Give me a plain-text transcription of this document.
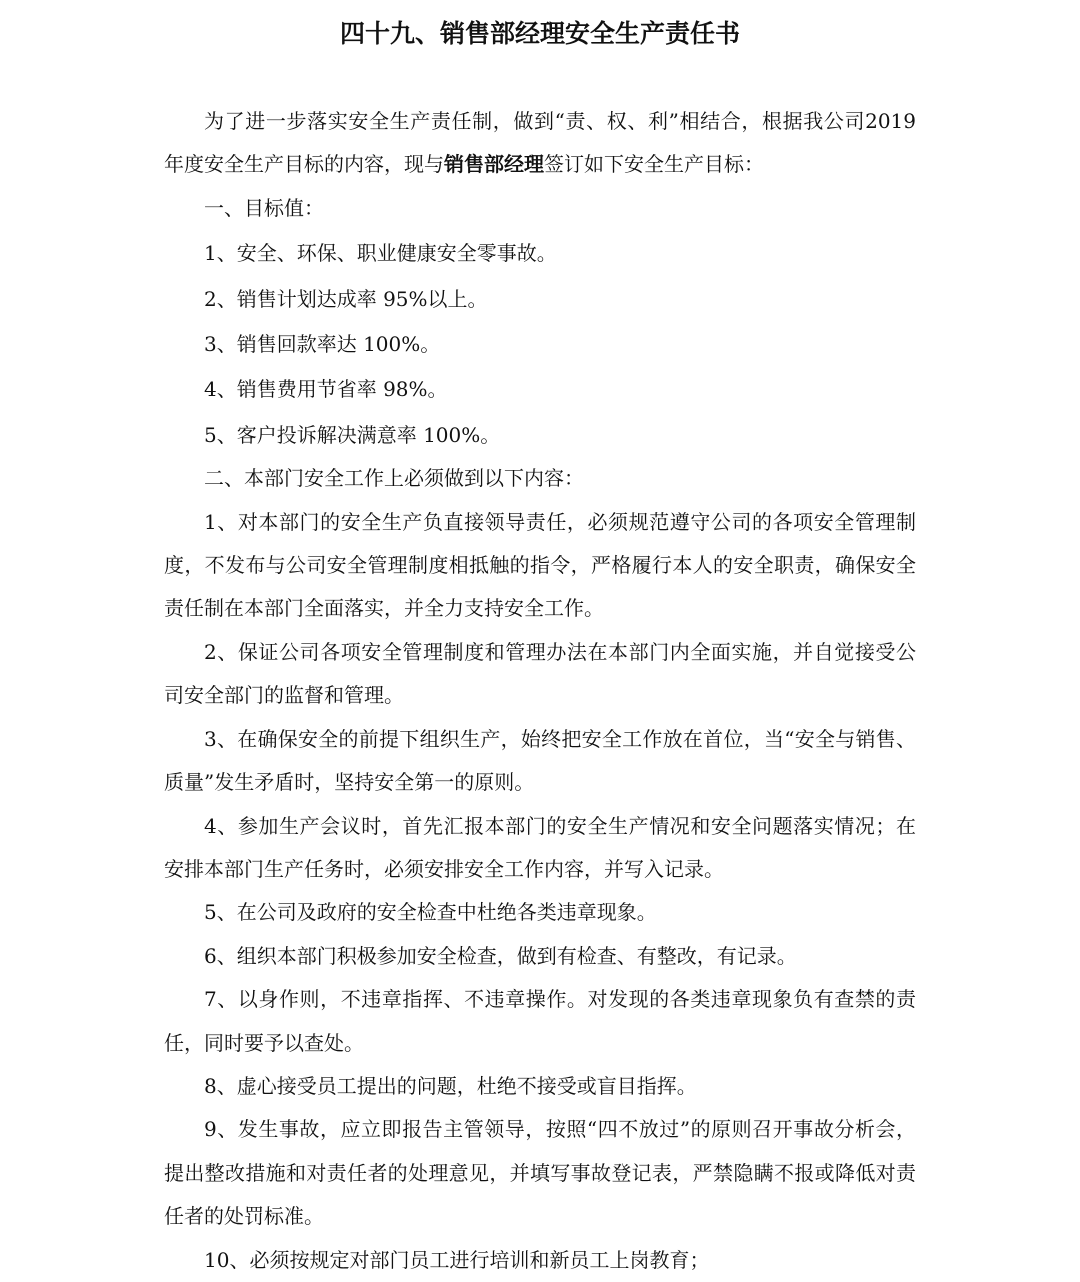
四十九、销售部经理安全生产责任书

为了进一步落实安全生产责任制，做到“责、权、利”相结合，根据我公司2019 年度安全生产目标的内容，现与销售部经理签订如下安全生产目标：

一、目标值：

1、安全、环保、职业健康安全零事故。

2、销售计划达成率 95%以上。

3、销售回款率达 100%。

4、销售费用节省率 98%。

5、客户投诉解决满意率 100%。

二、本部门安全工作上必须做到以下内容：

1、对本部门的安全生产负直接领导责任，必须规范遵守公司的各项安全管理制度，不发布与公司安全管理制度相抵触的指令，严格履行本人的安全职责，确保安全责任制在本部门全面落实，并全力支持安全工作。

2、保证公司各项安全管理制度和管理办法在本部门内全面实施，并自觉接受公司安全部门的监督和管理。

3、在确保安全的前提下组织生产，始终把安全工作放在首位，当“安全与销售、质量”发生矛盾时，坚持安全第一的原则。

4、参加生产会议时，首先汇报本部门的安全生产情况和安全问题落实情况；在安排本部门生产任务时，必须安排安全工作内容，并写入记录。

5、在公司及政府的安全检查中杜绝各类违章现象。

6、组织本部门积极参加安全检查，做到有检查、有整改，有记录。

7、以身作则，不违章指挥、不违章操作。对发现的各类违章现象负有查禁的责任，同时要予以查处。

8、虚心接受员工提出的问题，杜绝不接受或盲目指挥。

9、发生事故，应立即报告主管领导，按照“四不放过”的原则召开事故分析会，提出整改措施和对责任者的处理意见，并填写事故登记表，严禁隐瞒不报或降低对责任者的处罚标准。

10、必须按规定对部门员工进行培训和新员工上岗教育；
